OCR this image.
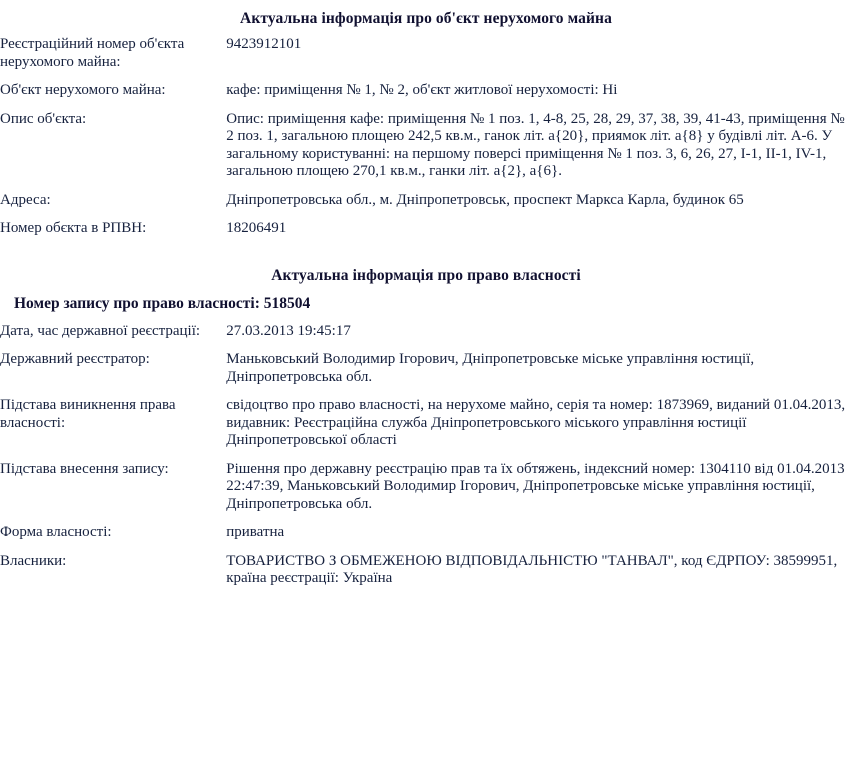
Актуальна інформація про об'єкт нерухомого майна
Реєстраційний номер об'єкта нерухомого майна:	9423912101
Об'єкт нерухомого майна:	кафе: приміщення № 1, № 2, об'єкт житлової нерухомості: Ні
Опис об'єкта:	Опис: приміщення кафе: приміщення № 1 поз. 1, 4-8, 25, 28, 29, 37, 38, 39, 41-43, приміщення № 2 поз. 1, загальною площею 242,5 кв.м., ганок літ. а{20}, приямок літ. а{8} у будівлі літ. А-6. У загальному користуванні: на першому поверсі приміщення № 1 поз. 3, 6, 26, 27, І-1, ІІ-1, ІV-1, загальною площею 270,1 кв.м., ганки літ. а{2}, а{6}.
Адреса:	Дніпропетровська обл., м. Дніпропетровськ, проспект Маркса Карла, будинок 65
Номер обєкта в РПВН:	18206491
Актуальна інформація про право власності
Номер запису про право власності: 518504
Дата, час державної реєстрації:	27.03.2013 19:45:17
Державний реєстратор:	Маньковський Володимир Ігорович, Дніпропетровське міське управління юстиції, Дніпропетровська обл.
Підстава виникнення права власності:	свідоцтво про право власності, на нерухоме майно, серія та номер: 1873969, виданий 01.04.2013, видавник: Реєстраційна служба Дніпропетровського міського управління юстиції Дніпропетровської області
Підстава внесення запису:	Рішення про державну реєстрацію прав та їх обтяжень, індексний номер: 1304110 від 01.04.2013 22:47:39, Маньковський Володимир Ігорович, Дніпропетровське міське управління юстиції, Дніпропетровська обл.
Форма власності:	приватна
Власники:	ТОВАРИСТВО З ОБМЕЖЕНОЮ ВІДПОВІДАЛЬНІСТЮ "ТАНВАЛ", код ЄДРПОУ: 38599951, країна реєстрації: Україна
